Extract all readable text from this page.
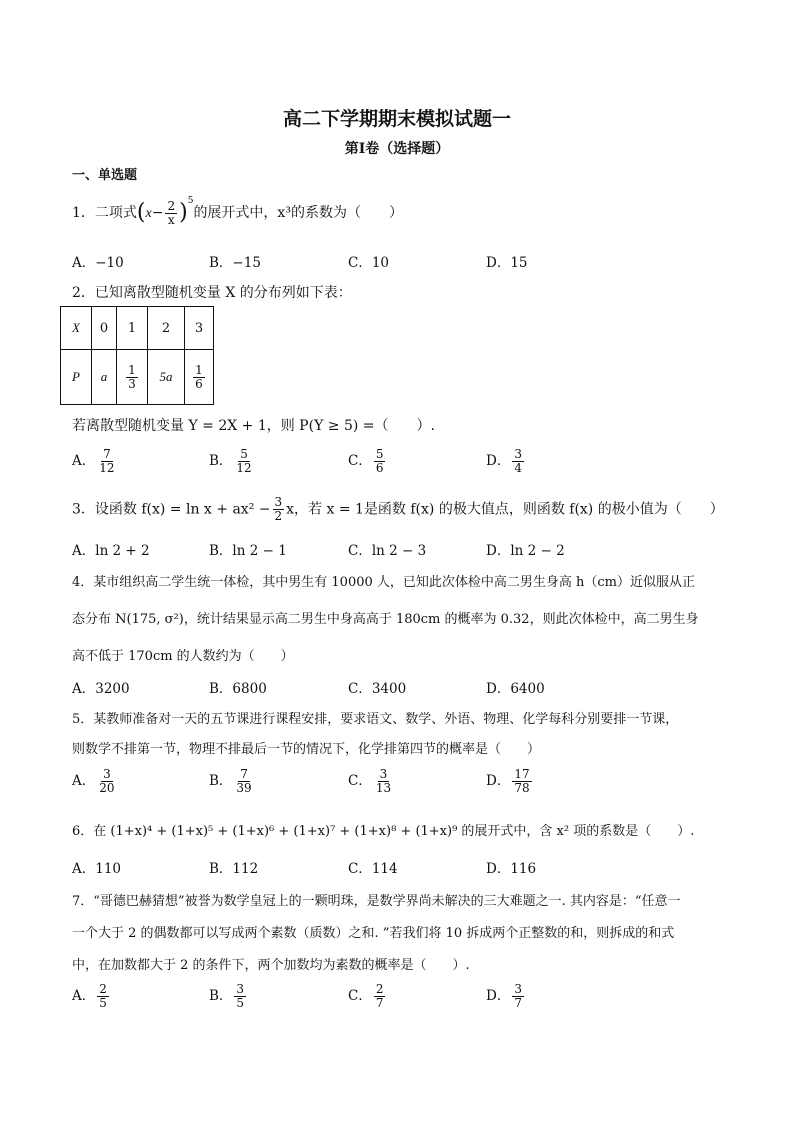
高二下学期期末模拟试题一
第Ⅰ卷（选择题）
一、单选题
1．二项式$(x- \frac{2}{x} )^5$的展开式中，x³的系数为（　　）
A．−10	B．−15	C．10	D．15
2．已知离散型随机变量 X 的分布列如下表：
X	0	1	2	3
P	a	$\frac{1}{3}$	5a	$\frac{1}{6}$
若离散型随机变量 Y = 2X + 1，则 P(Y ≥ 5) =（　　）.
A． $\frac{7}{12}$	B． $\frac{5}{12}$	C． $\frac{5}{6}$	D． $\frac{3}{4}$
3．设函数 $f(x) = \ln x + ax^2 - \frac{3}{2}$ x，若 x = 1是函数 f(x) 的极大值点，则函数 f(x) 的极小值为（　　）
A．ln 2 + 2	B．ln 2 − 1	C．ln 2 − 3	D．ln 2 − 2
4．某市组织高二学生统一体检，其中男生有 10000 人，已知此次体检中高二男生身高 h（cm）近似服从正
态分布 N(175, σ²)，统计结果显示高二男生中身高高于 180cm 的概率为 0.32，则此次体检中，高二男生身
高不低于 170cm 的人数约为（　　）
A．3200	B．6800	C．3400	D．6400
5．某教师准备对一天的五节课进行课程安排，要求语文、数学、外语、物理、化学每科分别要排一节课，
则数学不排第一节，物理不排最后一节的情况下，化学排第四节的概率是（　　）
A． $\frac{3}{20}$	B． $\frac{7}{39}$	C． $\frac{3}{13}$	D． $\frac{17}{78}$
6．在 (1+x)⁴ + (1+x)⁵ + (1+x)⁶ + (1+x)⁷ + (1+x)⁸ + (1+x)⁹ 的展开式中，含 x² 项的系数是（　　）.
A．110	B．112	C．114	D．116
7．“哥德巴赫猜想”被誉为数学皇冠上的一颗明珠，是数学界尚未解决的三大难题之一. 其内容是：“任意一
一个大于 2 的偶数都可以写成两个素数（质数）之和. ”若我们将 10 拆成两个正整数的和，则拆成的和式
中，在加数都大于 2 的条件下，两个加数均为素数的概率是（　　）.
A． $\frac{2}{5}$	B． $\frac{3}{5}$	C． $\frac{2}{7}$	D． $\frac{3}{7}$
